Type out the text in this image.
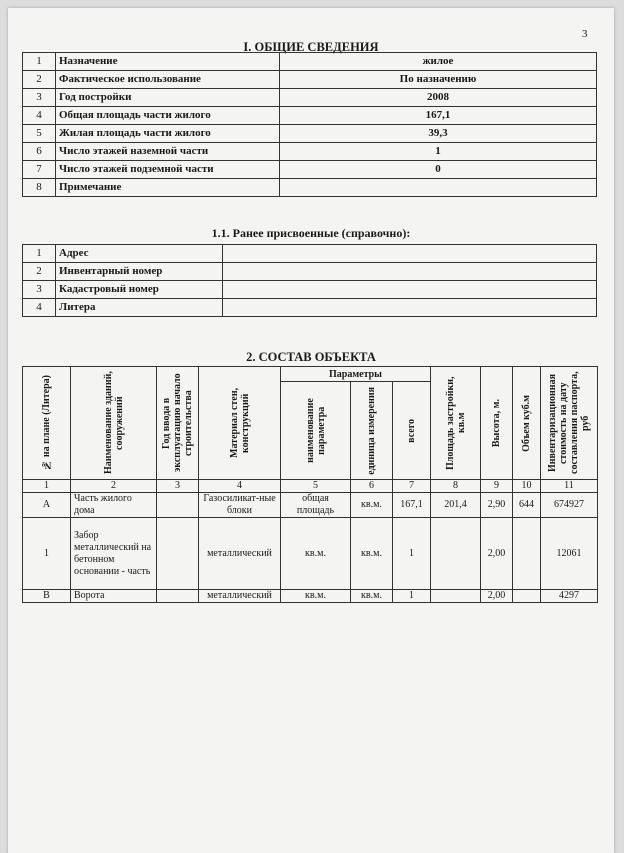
3
I. ОБЩИЕ СВЕДЕНИЯ
1	Назначение	жилое
2	Фактическое использование	По назначению
3	Год постройки	2008
4	Общая площадь части жилого	167,1
5	Жилая площадь части жилого	39,3
6	Число этажей наземной части	1
7	Число этажей подземной части	0
8	Примечание	
1.1. Ранее присвоенные (справочно):
1	Адрес	
2	Инвентарный номер	
3	Кадастровый номер	
4	Литера	
2. СОСТАВ ОБЪЕКТА
№ на плане (Литера)	Наименование зданий, сооружений	Год ввода в эксплуатацию начало строительства	Материал стен, конструкций	Параметры			Площадь застройки, кв.м	Высота, м.	Объем куб.м	Инвентаризационная стоимость на дату составления паспорта, руб

				наименование параметра	единица измерения	всего				

1	2	3	4	5	6	7	8	9	10	11
А	Часть жилого дома		Газосиликат-ные блоки	общая площадь	кв.м.	167,1	201,4	2,90	644	674927
1	Забор металлический на бетонном основании - часть		металлический	кв.м.	кв.м.	1		2,00		12061
В	Ворота		металлический	кв.м.	кв.м.	1		2,00		4297
